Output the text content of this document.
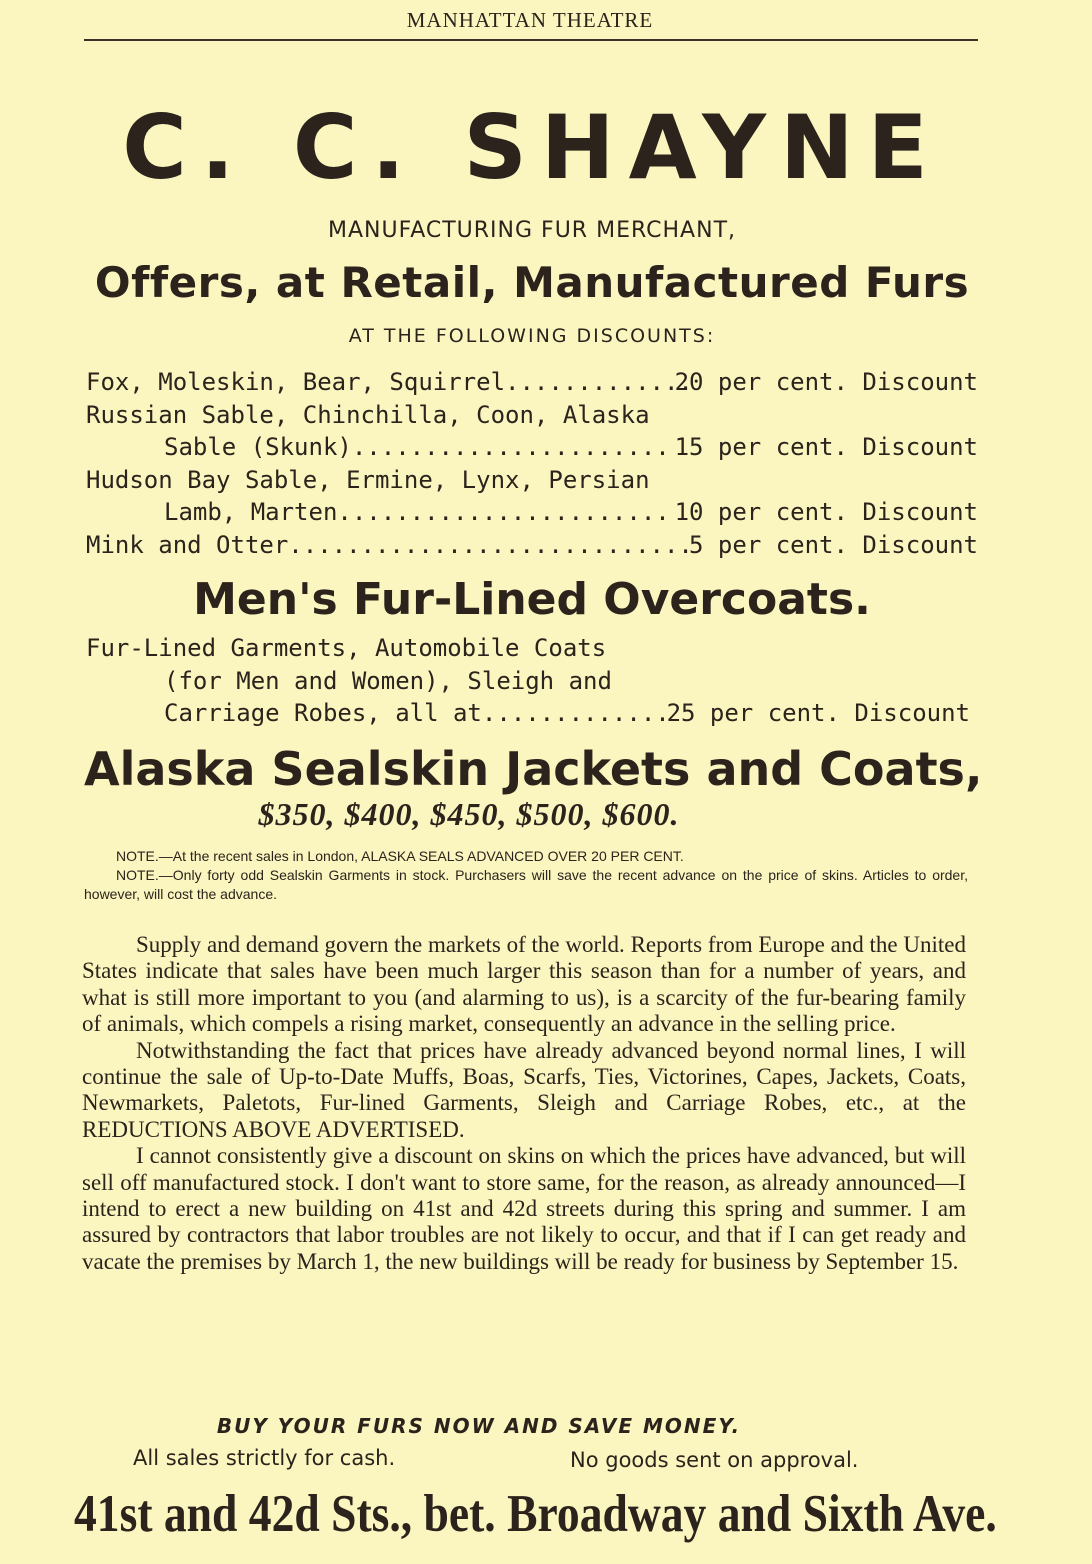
MANHATTAN THEATRE
C. C. SHAYNE
MANUFACTURING FUR MERCHANT,
Offers, at Retail, Manufactured Furs
AT THE FOLLOWING DISCOUNTS:
Fox, Moleskin, Bear, Squirrel.............
20 per cent. Discount
Russian Sable, Chinchilla, Coon, Alaska
Sable (Skunk)...................... 15 per cent. Discount
Hudson Bay Sable, Ermine, Lynx, Persian
Lamb, Marten....................... 10 per cent. Discount
Mink and Otter............................
5 per cent. Discount
Men's Fur-Lined Overcoats.
Fur-Lined Garments, Automobile Coats
(for Men and Women), Sleigh and
Carriage Robes, all at.............
25 per cent. Discount
Alaska Sealskin Jackets and Coats,
$350, $400, $450, $500, $600.

NOTE.—At the recent sales in London, ALASKA SEALS ADVANCED OVER 20 PER CENT.

NOTE.—Only forty odd Sealskin Garments in stock. Purchasers will save the recent advance on the price of skins. Articles to order, however, will cost the advance.

Supply and demand govern the markets of the world. Reports from Europe and the United States indicate that sales have been much larger this season than for a number of years, and what is still more important to you (and alarming to us), is a scarcity of the fur-bearing family of animals, which compels a rising market, consequently an advance in the selling price.

Notwithstanding the fact that prices have already advanced beyond normal lines, I will continue the sale of Up-to-Date Muffs, Boas, Scarfs, Ties, Victorines, Capes, Jackets, Coats, Newmarkets, Paletots, Fur-lined Garments, Sleigh and Carriage Robes, etc., at the REDUCTIONS ABOVE ADVERTISED.

I cannot consistently give a discount on skins on which the prices have advanced, but will sell off manufactured stock. I don't want to store same, for the reason, as already announced—I intend to erect a new building on 41st and 42d streets during this spring and summer. I am assured by contractors that labor troubles are not likely to occur, and that if I can get ready and vacate the premises by March 1, the new buildings will be ready for business by September 15.

BUY YOUR FURS NOW AND SAVE MONEY.
All sales strictly for cash.	No goods sent on approval.
41st and 42d Sts., bet. Broadway and Sixth Ave.
